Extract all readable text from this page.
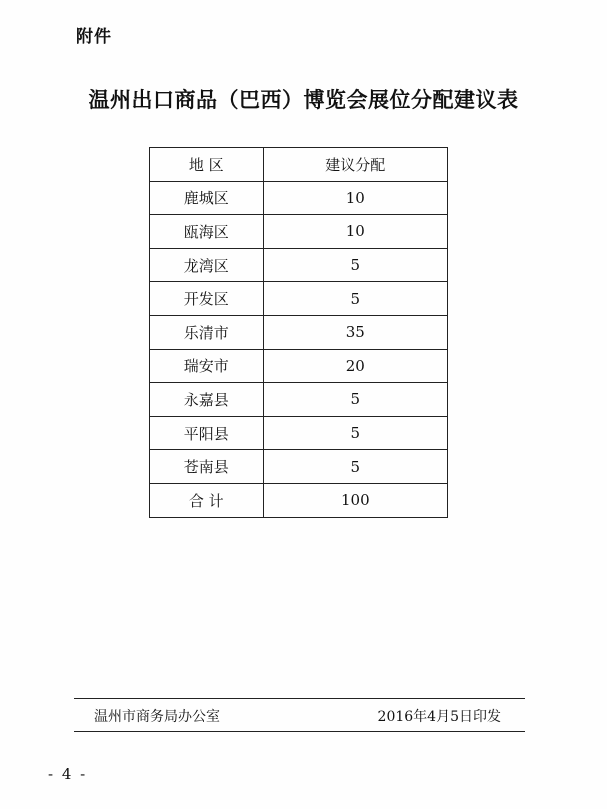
附件
温州出口商品（巴西）博览会展位分配建议表
地 区	建议分配
鹿城区	10
瓯海区	10
龙湾区	5
开发区	5
乐清市	35
瑞安市	20
永嘉县	5
平阳县	5
苍南县	5
合 计	100
温州市商务局办公室	2016年4月5日印发
- 4 -
